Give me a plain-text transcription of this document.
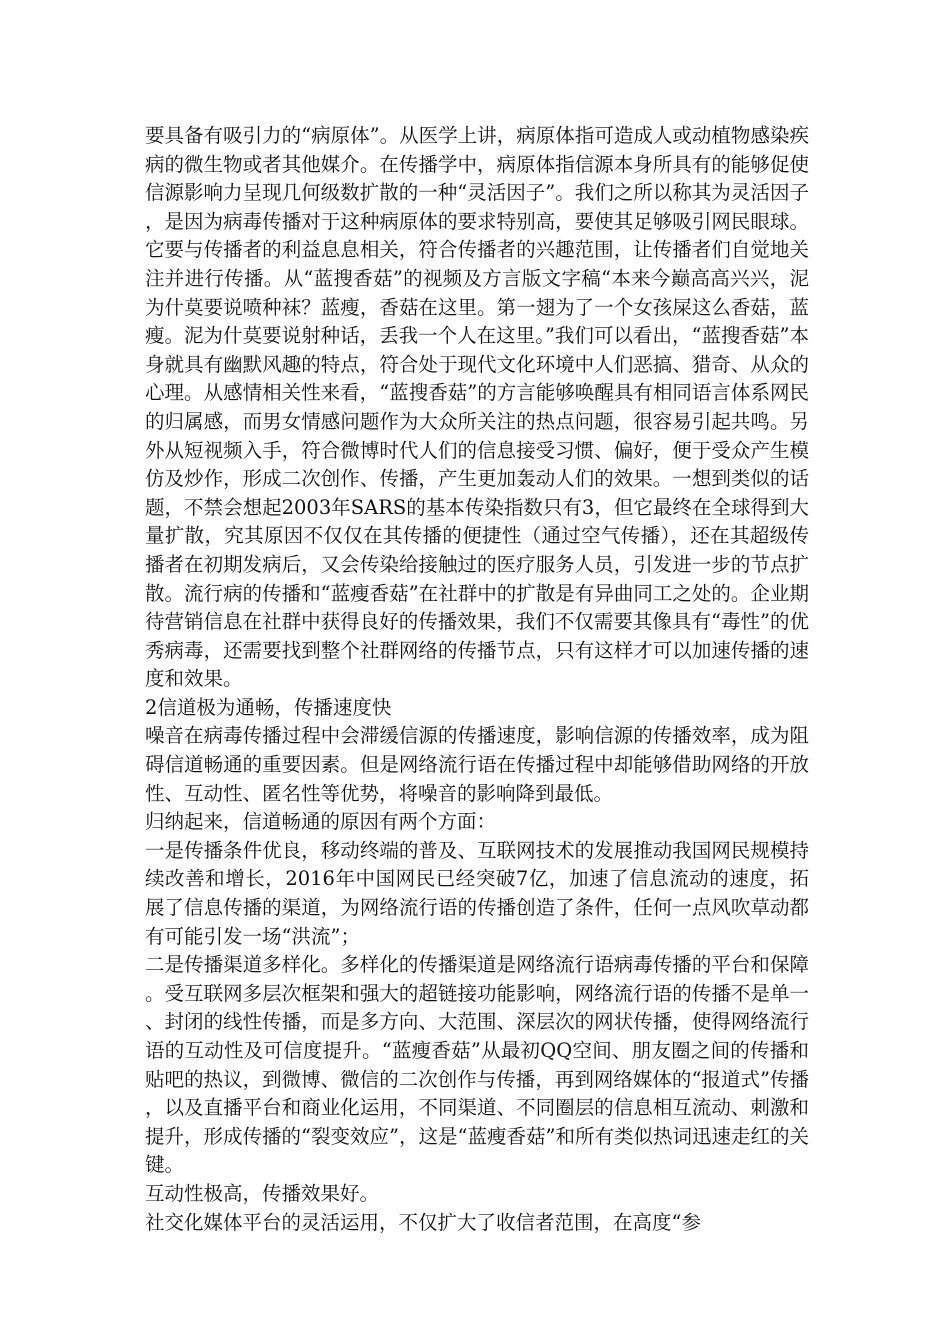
要具备有吸引力的“病原体”。从医学上讲，病原体指可造成人或动植物感染疾病的微生物或者其他媒介。在传播学中，病原体指信源本身所具有的能够促使信源影响力呈现几何级数扩散的一种“灵活因子”。我们之所以称其为灵活因子，是因为病毒传播对于这种病原体的要求特别高，要使其足够吸引网民眼球。它要与传播者的利益息息相关，符合传播者的兴趣范围，让传播者们自觉地关注并进行传播。从“蓝搜香菇”的视频及方言版文字稿“本来今巅高高兴兴，泥为什莫要说喷种袜？蓝瘦，香菇在这里。第一翅为了一个女孩屎这么香菇，蓝瘦。泥为什莫要说射种话，丢我一个人在这里。”我们可以看出，“蓝搜香菇”本身就具有幽默风趣的特点，符合处于现代文化环境中人们恶搞、猎奇、从众的心理。从感情相关性来看，“蓝搜香菇”的方言能够唤醒具有相同语言体系网民的归属感，而男女情感问题作为大众所关注的热点问题，很容易引起共鸣。另外从短视频入手，符合微博时代人们的信息接受习惯、偏好，便于受众产生模仿及炒作，形成二次创作、传播，产生更加轰动人们的效果。一想到类似的话题，不禁会想起2003年SARS的基本传染指数只有3，但它最终在全球得到大量扩散，究其原因不仅仅在其传播的便捷性（通过空气传播），还在其超级传播者在初期发病后，又会传染给接触过的医疗服务人员，引发进一步的节点扩散。流行病的传播和“蓝瘦香菇”在社群中的扩散是有异曲同工之处的。企业期待营销信息在社群中获得良好的传播效果，我们不仅需要其像具有“毒性”的优秀病毒，还需要找到整个社群网络的传播节点，只有这样才可以加速传播的速度和效果。

2信道极为通畅，传播速度快

噪音在病毒传播过程中会滞缓信源的传播速度，影响信源的传播效率，成为阻碍信道畅通的重要因素。但是网络流行语在传播过程中却能够借助网络的开放性、互动性、匿名性等优势，将噪音的影响降到最低。

归纳起来，信道畅通的原因有两个方面：

一是传播条件优良，移动终端的普及、互联网技术的发展推动我国网民规模持续改善和增长，2016年中国网民已经突破7亿，加速了信息流动的速度，拓展了信息传播的渠道，为网络流行语的传播创造了条件，任何一点风吹草动都有可能引发一场“洪流”；

二是传播渠道多样化。多样化的传播渠道是网络流行语病毒传播的平台和保障。受互联网多层次框架和强大的超链接功能影响，网络流行语的传播不是单一、封闭的线性传播，而是多方向、大范围、深层次的网状传播，使得网络流行语的互动性及可信度提升。“蓝瘦香菇”从最初QQ空间、朋友圈之间的传播和贴吧的热议，到微博、微信的二次创作与传播，再到网络媒体的“报道式”传播，以及直播平台和商业化运用，不同渠道、不同圈层的信息相互流动、刺激和提升，形成传播的“裂变效应”，这是“蓝瘦香菇”和所有类似热词迅速走红的关键。

互动性极高，传播效果好。

社交化媒体平台的灵活运用，不仅扩大了收信者范围，在高度“参
